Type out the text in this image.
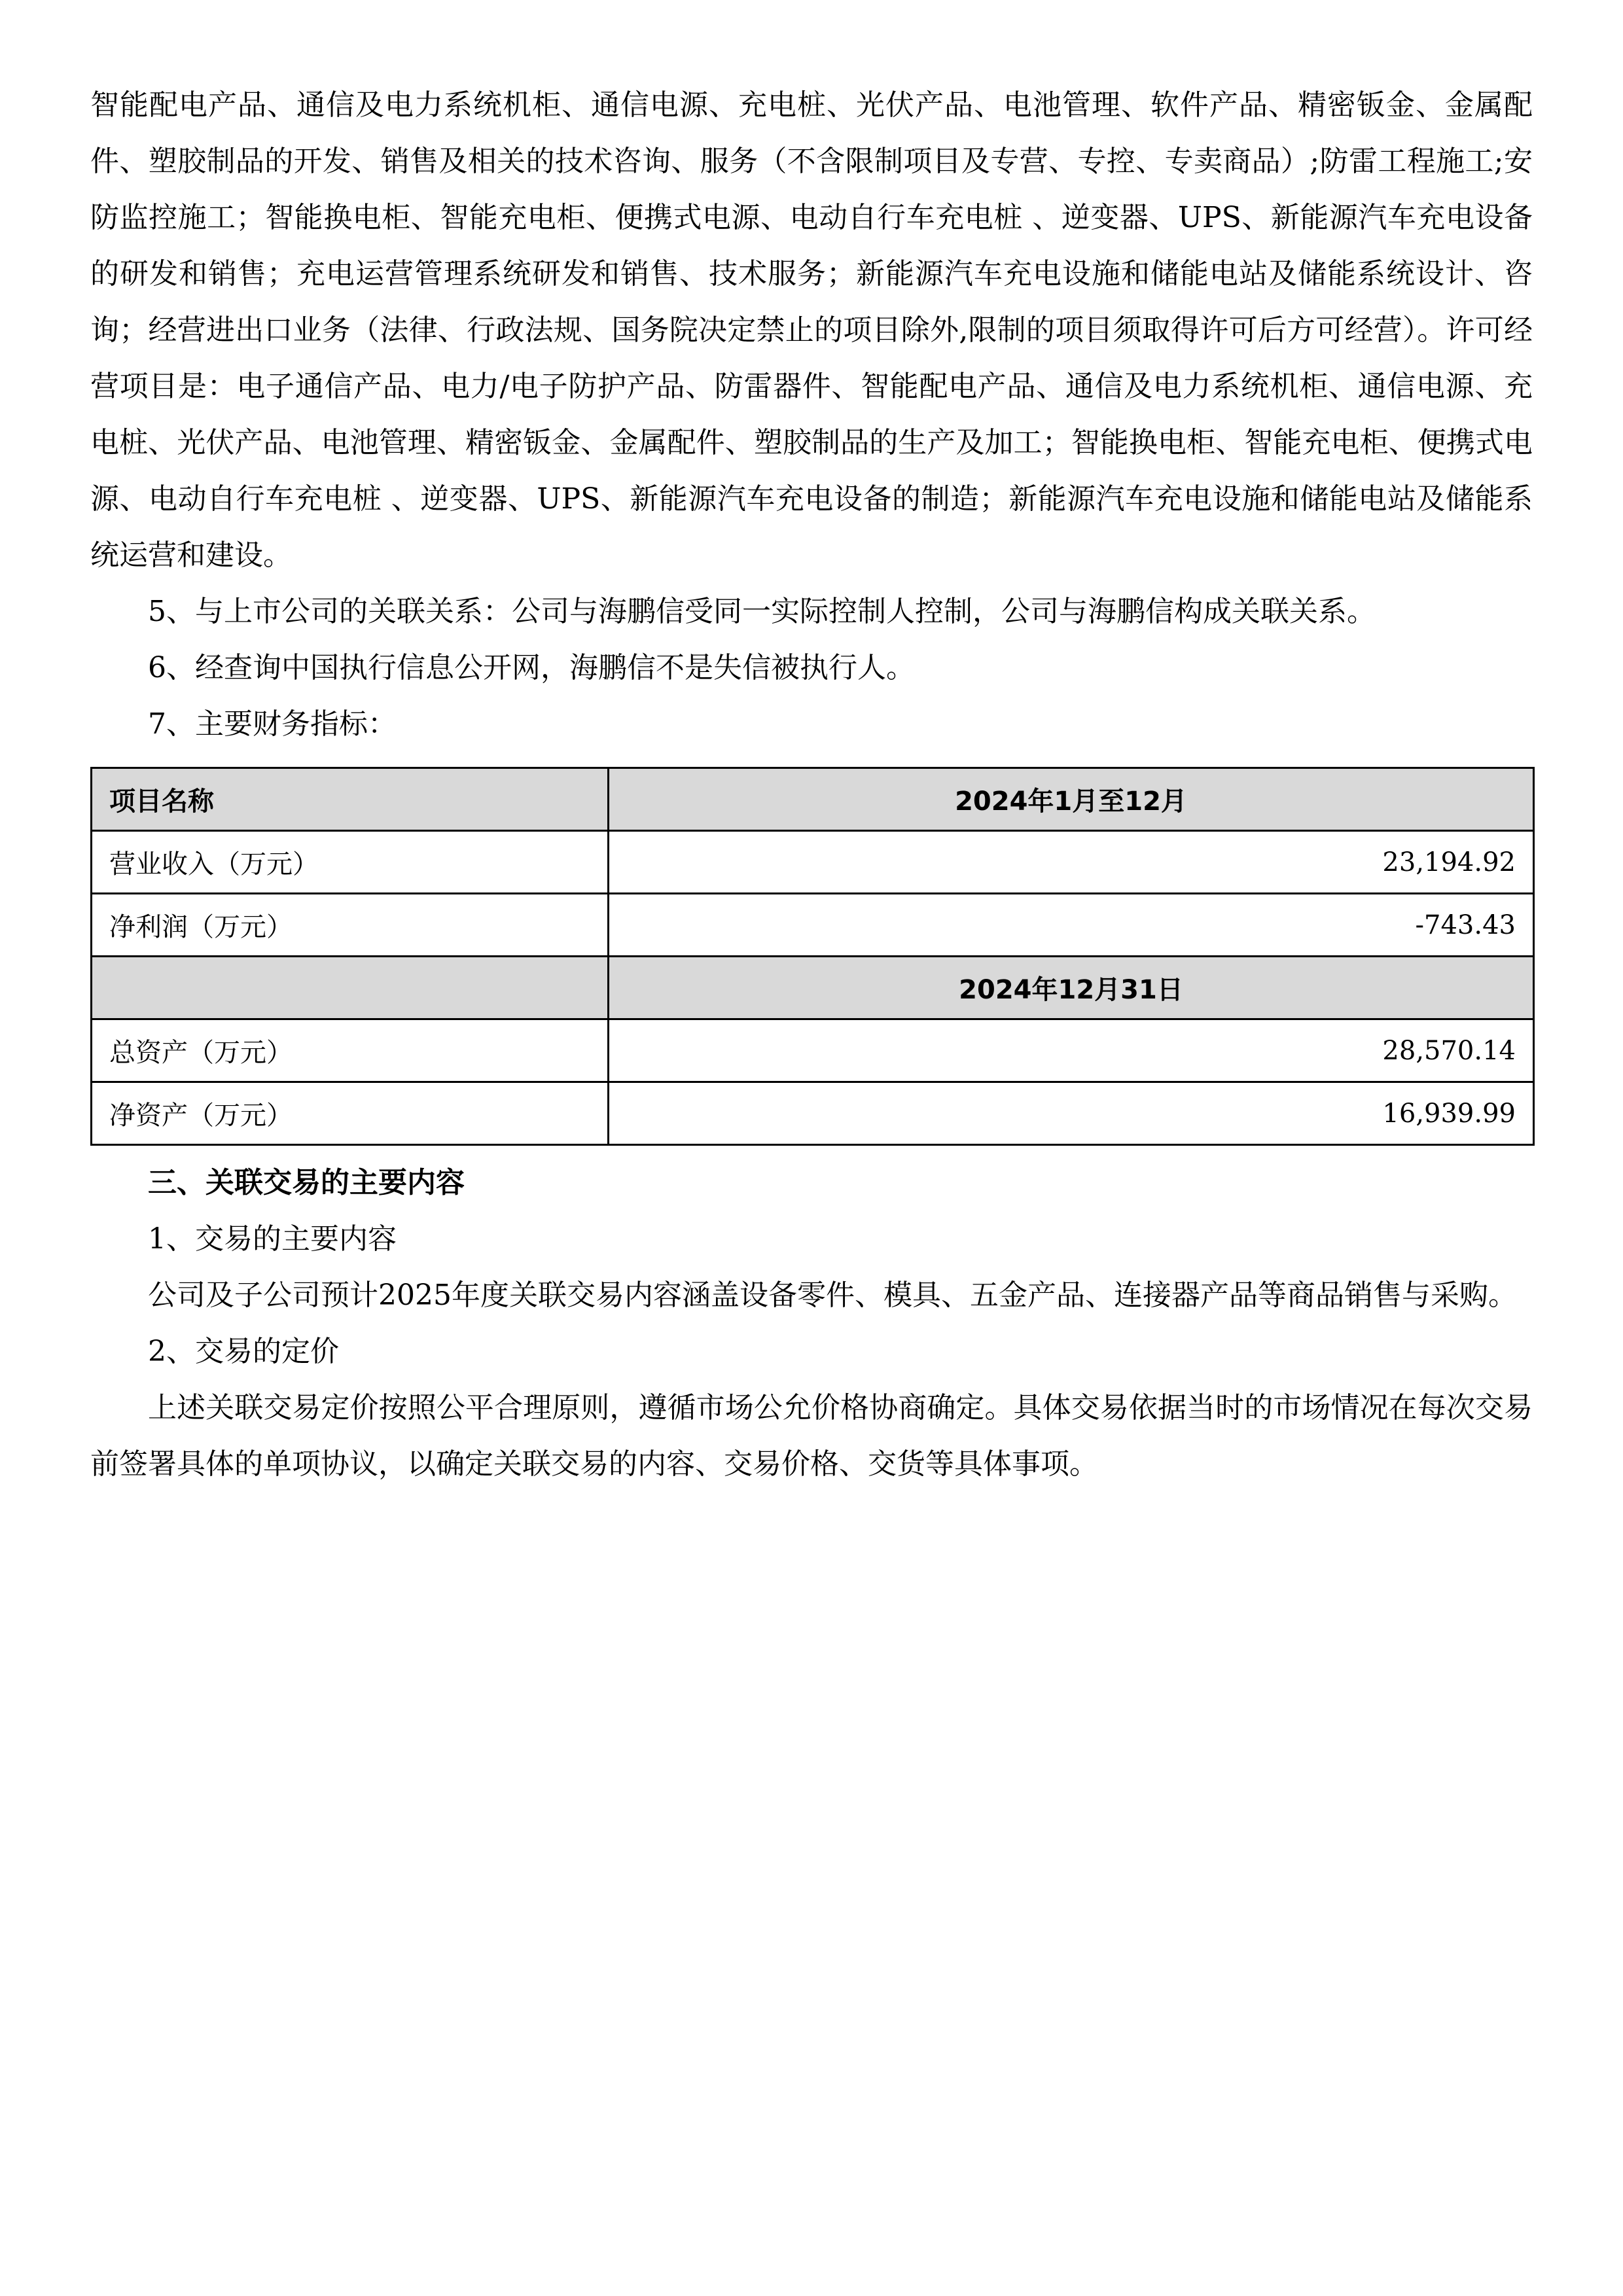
智能配电产品、通信及电力系统机柜、通信电源、充电桩、光伏产品、电池管理、软件产品、精密钣金、金属配件、塑胶制品的开发、销售及相关的技术咨询、服务（不含限制项目及专营、专控、专卖商品）;防雷工程施工;安防监控施工；智能换电柜、智能充电柜、便携式电源、电动自行车充电桩 、逆变器、UPS、新能源汽车充电设备的研发和销售；充电运营管理系统研发和销售、技术服务；新能源汽车充电设施和储能电站及储能系统设计、咨询；经营进出口业务（法律、行政法规、国务院决定禁止的项目除外,限制的项目须取得许可后方可经营）。许可经营项目是：电子通信产品、电力/电子防护产品、防雷器件、智能配电产品、通信及电力系统机柜、通信电源、充电桩、光伏产品、电池管理、精密钣金、金属配件、塑胶制品的生产及加工；智能换电柜、智能充电柜、便携式电源、电动自行车充电桩 、逆变器、UPS、新能源汽车充电设备的制造；新能源汽车充电设施和储能电站及储能系统运营和建设。

5、与上市公司的关联关系：公司与海鹏信受同一实际控制人控制，公司与海鹏信构成关联关系。

6、经查询中国执行信息公开网，海鹏信不是失信被执行人。

7、主要财务指标：

项目名称	2024年1月至12月
营业收入（万元）	23,194.92
净利润（万元）	-743.43
	2024年12月31日
总资产（万元）	28,570.14
净资产（万元）	16,939.99
三、关联交易的主要内容
1、交易的主要内容

公司及子公司预计2025年度关联交易内容涵盖设备零件、模具、五金产品、连接器产品等商品销售与采购。

2、交易的定价

上述关联交易定价按照公平合理原则，遵循市场公允价格协商确定。具体交易依据当时的市场情况在每次交易前签署具体的单项协议，以确定关联交易的内容、交易价格、交货等具体事项。
